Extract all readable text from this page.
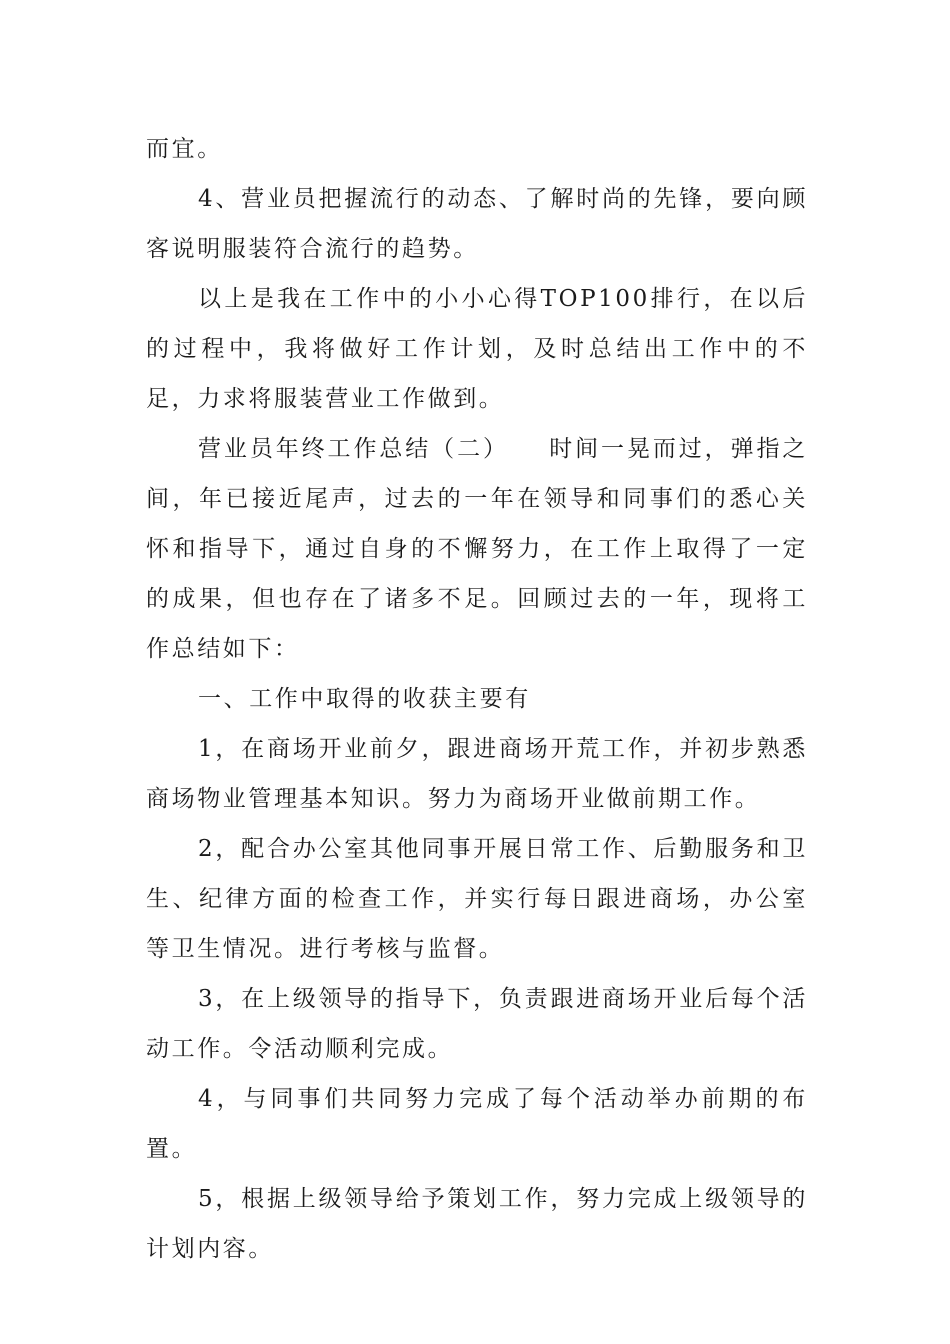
而宜。

4、营业员把握流行的动态、了解时尚的先锋，要向顾客说明服装符合流行的趋势。

以上是我在工作中的小小心得TOP100排行，在以后的过程中，我将做好工作计划，及时总结出工作中的不足，力求将服装营业工作做到。

营业员年终工作总结（二）　　时间一晃而过，弹指之间，年已接近尾声，过去的一年在领导和同事们的悉心关怀和指导下，通过自身的不懈努力，在工作上取得了一定的成果，但也存在了诸多不足。回顾过去的一年，现将工作总结如下：

一、工作中取得的收获主要有

1，在商场开业前夕，跟进商场开荒工作，并初步熟悉商场物业管理基本知识。努力为商场开业做前期工作。

2，配合办公室其他同事开展日常工作、后勤服务和卫生、纪律方面的检查工作，并实行每日跟进商场，办公室等卫生情况。进行考核与监督。

3，在上级领导的指导下，负责跟进商场开业后每个活动工作。令活动顺利完成。

4，与同事们共同努力完成了每个活动举办前期的布置。

5，根据上级领导给予策划工作，努力完成上级领导的计划内容。
